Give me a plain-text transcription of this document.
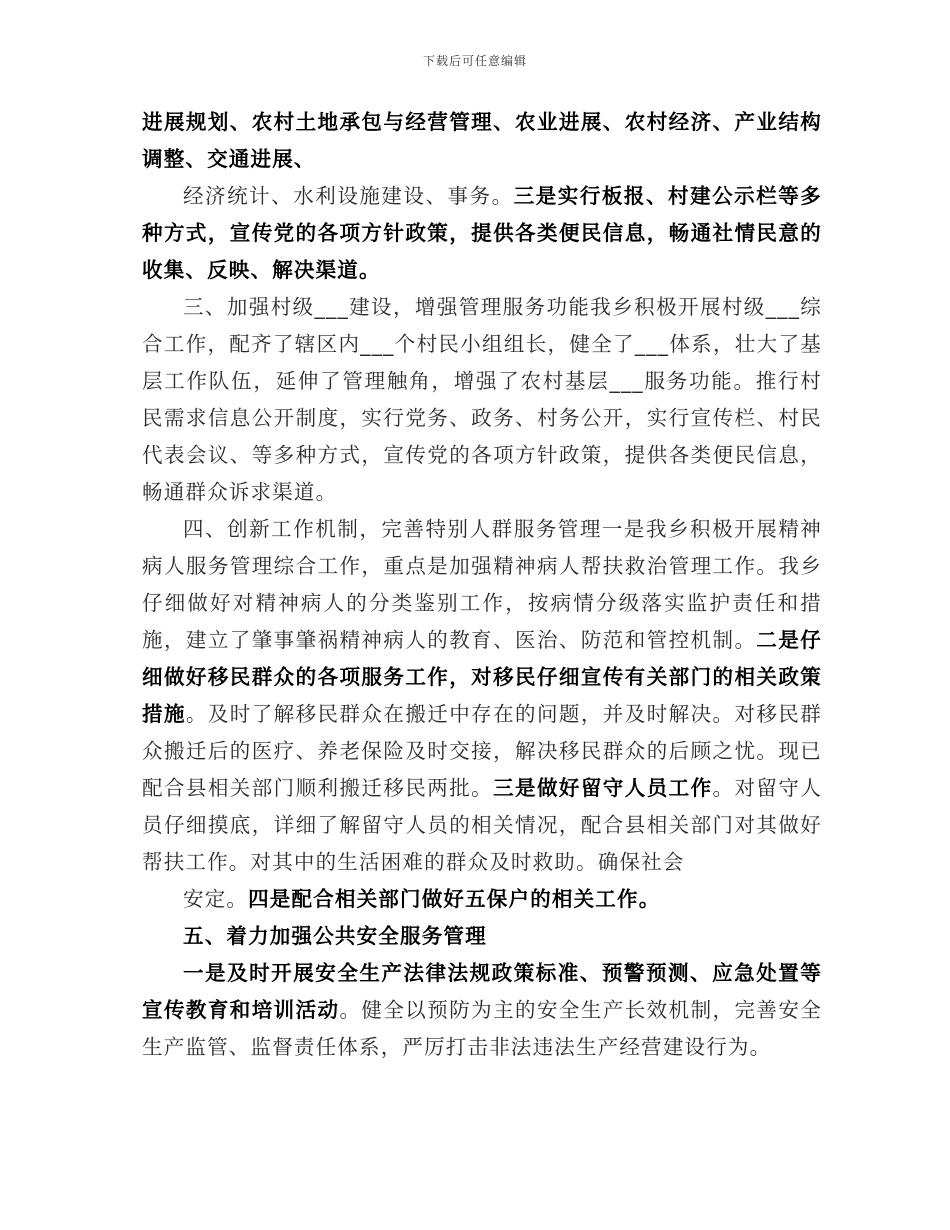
下载后可任意编辑

进展规划、农村土地承包与经营管理、农业进展、农村经济、产业结构调整、交通进展、

经济统计、水利设施建设、事务。三是实行板报、村建公示栏等多种方式，宣传党的各项方针政策，提供各类便民信息，畅通社情民意的收集、反映、解决渠道。

三、加强村级___建设，增强管理服务功能我乡积极开展村级___综合工作，配齐了辖区内___个村民小组组长，健全了___体系，壮大了基层工作队伍，延伸了管理触角，增强了农村基层___服务功能。推行村民需求信息公开制度，实行党务、政务、村务公开，实行宣传栏、村民代表会议、等多种方式，宣传党的各项方针政策，提供各类便民信息，畅通群众诉求渠道。

四、创新工作机制，完善特别人群服务管理一是我乡积极开展精神病人服务管理综合工作，重点是加强精神病人帮扶救治管理工作。我乡仔细做好对精神病人的分类鉴别工作，按病情分级落实监护责任和措施，建立了肇事肇祸精神病人的教育、医治、防范和管控机制。二是仔细做好移民群众的各项服务工作，对移民仔细宣传有关部门的相关政策措施。及时了解移民群众在搬迁中存在的问题，并及时解决。对移民群众搬迁后的医疗、养老保险及时交接，解决移民群众的后顾之忧。现已配合县相关部门顺利搬迁移民两批。三是做好留守人员工作。对留守人员仔细摸底，详细了解留守人员的相关情况，配合县相关部门对其做好帮扶工作。对其中的生活困难的群众及时救助。确保社会

安定。四是配合相关部门做好五保户的相关工作。

五、着力加强公共安全服务管理

一是及时开展安全生产法律法规政策标准、预警预测、应急处置等宣传教育和培训活动。健全以预防为主的安全生产长效机制，完善安全生产监管、监督责任体系，严厉打击非法违法生产经营建设行为。
